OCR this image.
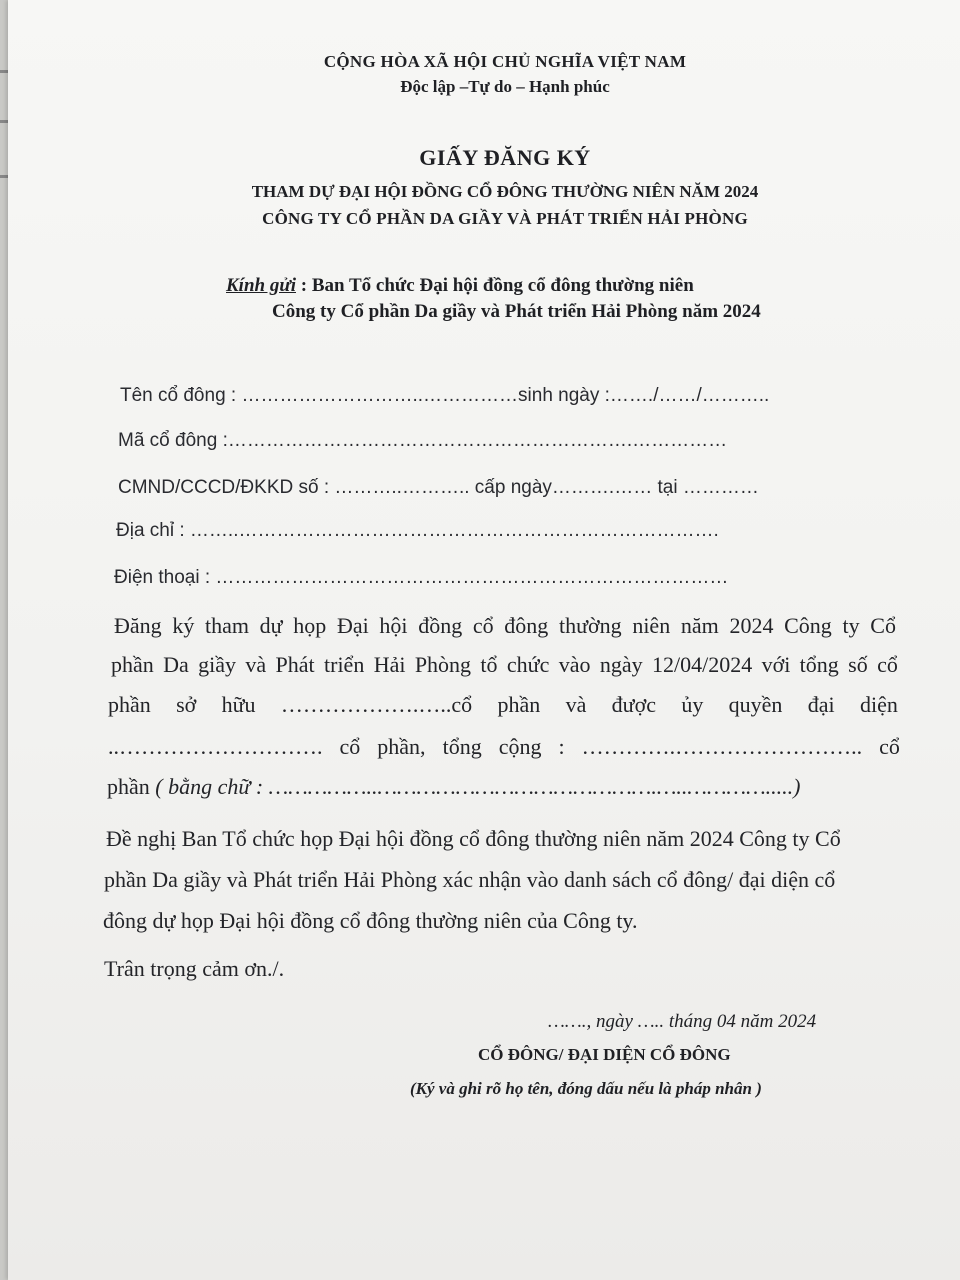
CỘNG HÒA XÃ HỘI CHỦ NGHĨA VIỆT NAM
Độc lập –Tự do – Hạnh phúc
GIẤY ĐĂNG KÝ
THAM DỰ ĐẠI HỘI ĐỒNG CỔ ĐÔNG THƯỜNG NIÊN NĂM 2024
CÔNG TY CỔ PHẦN DA GIẦY VÀ PHÁT TRIỂN HẢI PHÒNG
Kính gửi : Ban Tổ chức Đại hội đồng cổ đông thường niên
Công ty Cổ phần Da giầy và Phát triển Hải Phòng năm 2024
Tên cổ đông : ………………………..……………sinh ngày :……./……/………..
Mã cổ đông :……………………………………………………….……………
CMND/CCCD/ĐKKD số : ………..……….. cấp ngày……….…… tại …………
Địa chỉ : ……..………………………………………………………………….
Điện thoại : ………………………………………………………………………
Đăng ký tham dự họp Đại hội đồng cổ đông thường niên năm 2024 Công ty Cổ
phần Da giầy và Phát triển Hải Phòng tổ chức vào ngày 12/04/2024 với tổng số cổ
phần sở hữu ……………….…..cổ phần và được ủy quyền đại diện
..………………………. cổ phần, tổng cộng : ………….…………………….. cổ
phần ( bằng chữ : ……………..…………………………………….…..………….....)
Đề nghị Ban Tổ chức họp Đại hội đồng cổ đông thường niên năm 2024 Công ty Cổ
phần Da giầy và Phát triển Hải Phòng xác nhận vào danh sách cổ đông/ đại diện cổ
đông dự họp Đại hội đồng cổ đông thường niên của Công ty.
Trân trọng cảm ơn./.
……., ngày ….. tháng 04 năm 2024
CỔ ĐÔNG/ ĐẠI DIỆN CỔ ĐÔNG
(Ký và ghi rõ họ tên, đóng dấu nếu là pháp nhân )
